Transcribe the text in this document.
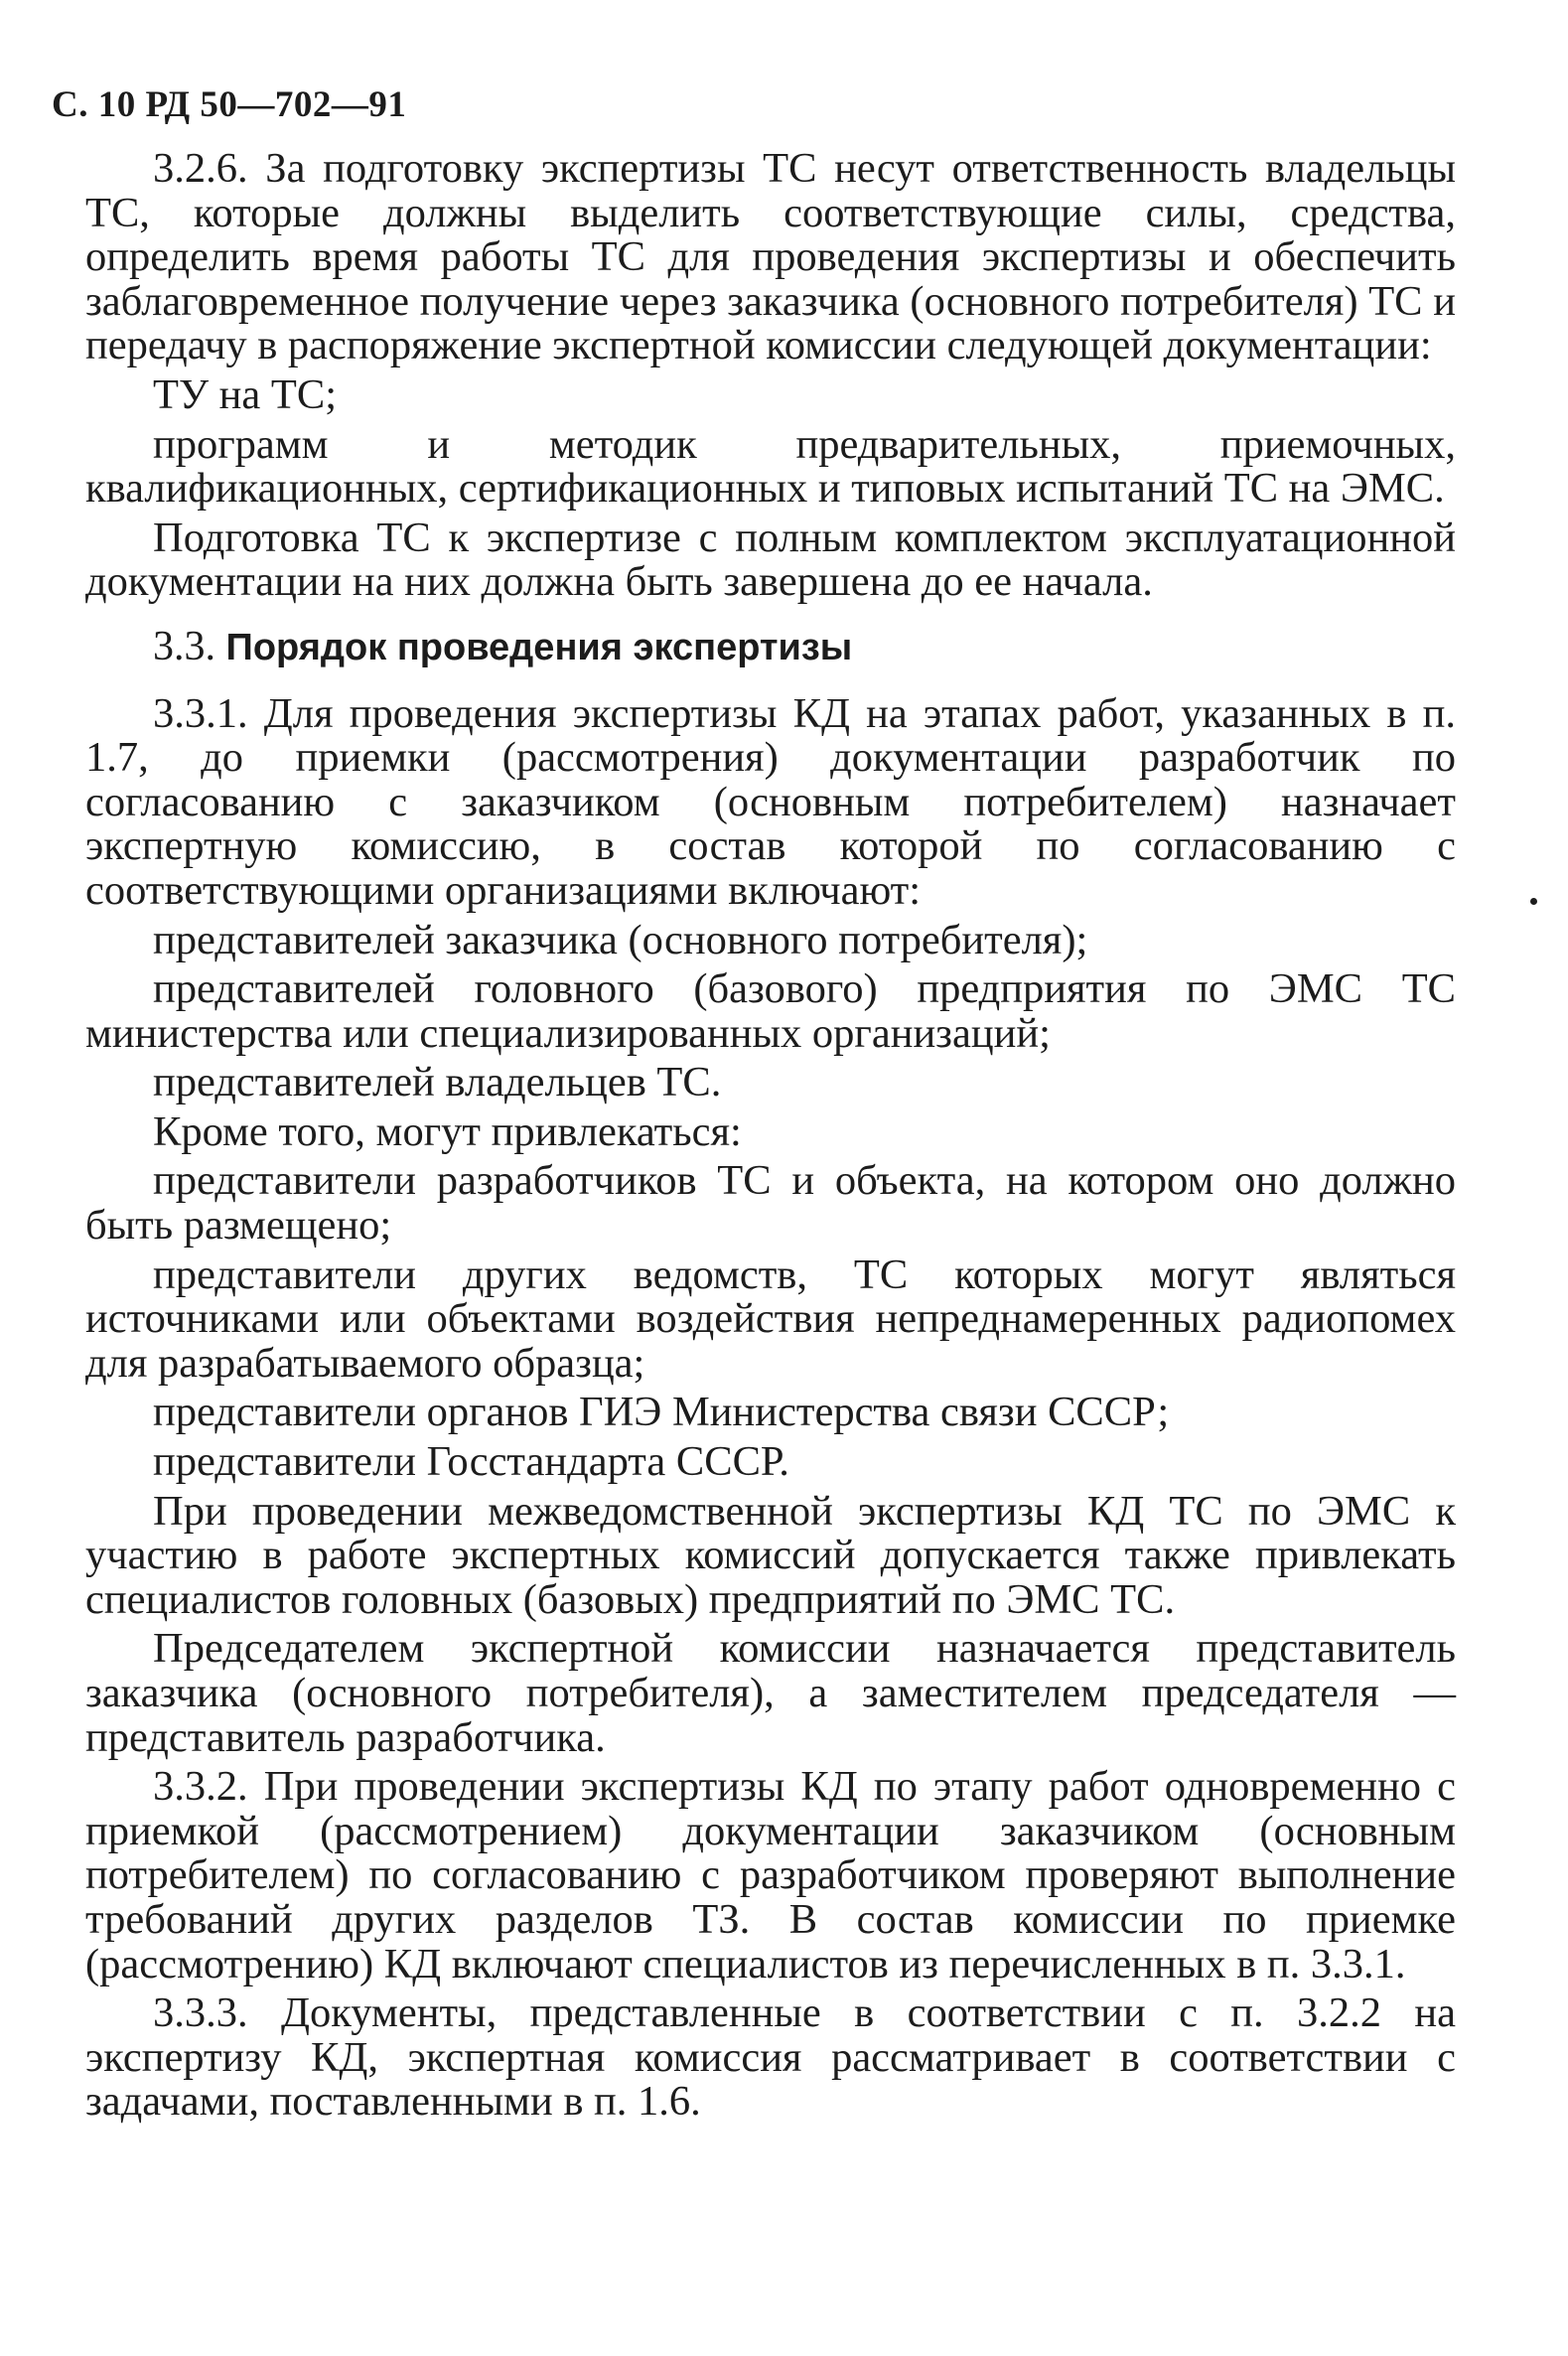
С. 10 РД 50—702—91

3.2.6. За подготовку экспертизы ТС несут ответственность владельцы ТС, которые должны выделить соответствующие силы, средства, определить время работы ТС для проведения экспертизы и обеспечить заблаговременное получение через заказчика (основного потребителя) ТС и передачу в распоряжение экспертной комиссии следующей документации:

ТУ на ТС;

программ и методик предварительных, приемочных, квалификационных, сертификационных и типовых испытаний ТС на ЭМС.

Подготовка ТС к экспертизе с полным комплектом эксплуатационной документации на них должна быть завершена до ее начала.

3.3. Порядок проведения экспертизы

3.3.1. Для проведения экспертизы КД на этапах работ, указанных в п. 1.7, до приемки (рассмотрения) документации разработчик по согласованию с заказчиком (основным потребителем) назначает экспертную комиссию, в состав которой по согласованию с соответствующими организациями включают:

представителей заказчика (основного потребителя);

представителей головного (базового) предприятия по ЭМС ТС министерства или специализированных организаций;

представителей владельцев ТС.

Кроме того, могут привлекаться:

представители разработчиков ТС и объекта, на котором оно должно быть размещено;

представители других ведомств, ТС которых могут являться источниками или объектами воздействия непреднамеренных радиопомех для разрабатываемого образца;

представители органов ГИЭ Министерства связи СССР;

представители Госстандарта СССР.

При проведении межведомственной экспертизы КД ТС по ЭМС к участию в работе экспертных комиссий допускается также привлекать специалистов головных (базовых) предприятий по ЭМС ТС.

Председателем экспертной комиссии назначается представитель заказчика (основного потребителя), а заместителем председателя — представитель разработчика.

3.3.2. При проведении экспертизы КД по этапу работ одновременно с приемкой (рассмотрением) документации заказчиком (основным потребителем) по согласованию с разработчиком проверяют выполнение требований других разделов ТЗ. В состав комиссии по приемке (рассмотрению) КД включают специалистов из перечисленных в п. 3.3.1.

3.3.3. Документы, представленные в соответствии с п. 3.2.2 на экспертизу КД, экспертная комиссия рассматривает в соответствии с задачами, поставленными в п. 1.6.
